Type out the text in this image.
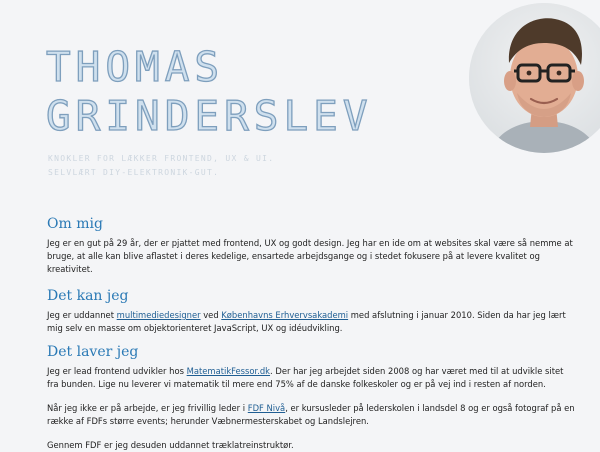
THOMAS
GRINDERSLEV
KNOKLER FOR LÆKKER FRONTEND, UX & UI.
SELVLÆRT DIY-ELEKTRONIK-GUT.
Om mig

Jeg er en gut på 29 år, der er pjattet med frontend, UX og godt design. Jeg har en ide om at websites skal være så nemme at bruge, at alle kan blive aflastet i deres kedelige, ensartede arbejdsgange og i stedet fokusere på at levere kvalitet og kreativitet.

Det kan jeg

Jeg er uddannet multimediedesigner ved Københavns Erhvervsakademi med afslutning i januar 2010. Siden da har jeg lært mig selv en masse om objektorienteret JavaScript, UX og idéudvikling.

Det laver jeg

Jeg er lead frontend udvikler hos MatematikFessor.dk. Der har jeg arbejdet siden 2008 og har været med til at udvikle sitet fra bunden. Lige nu leverer vi matematik til mere end 75% af de danske folkeskoler og er på vej ind i resten af norden.

Når jeg ikke er på arbejde, er jeg frivillig leder i FDF Nivå, er kursusleder på lederskolen i landsdel 8 og er også fotograf på en række af FDFs større events; herunder Væbnermesterskabet og Landslejren.

Gennem FDF er jeg desuden uddannet træklatreinstruktør.
